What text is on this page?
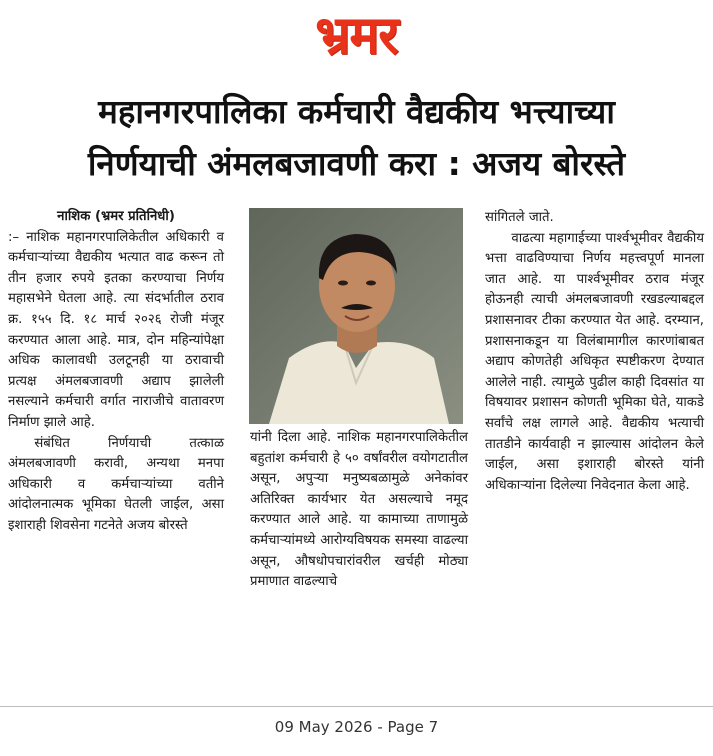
भ्रमर
महानगरपालिका कर्मचारी वैद्यकीय भत्त्याच्या
निर्णयाची अंमलबजावणी करा : अजय बोरस्ते

नाशिक (भ्रमर प्रतिनिधी)

:– नाशिक महानगरपालिकेतील अधिकारी व कर्मचाऱ्यांच्या वैद्यकीय भत्यात वाढ करून तो तीन हजार रुपये इतका करण्याचा निर्णय महासभेने घेतला आहे. त्या संदर्भातील ठराव क्र. १५५ दि. १८ मार्च २०२६ रोजी मंजूर करण्यात आला आहे. मात्र, दोन महिन्यांपेक्षा अधिक कालावधी उलटूनही या ठरावाची प्रत्यक्ष अंमलबजावणी अद्याप झालेली नसल्याने कर्मचारी वर्गात नाराजीचे वातावरण निर्माण झाले आहे.

संबंधित निर्णयाची तत्काळ अंमलबजावणी करावी, अन्यथा मनपा अधिकारी व कर्मचाऱ्यांच्या वतीने आंदोलनात्मक भूमिका घेतली जाईल, असा इशाराही शिवसेना गटनेते अजय बोरस्ते

यांनी दिला आहे. नाशिक महानगरपालिकेतील बहुतांश कर्मचारी हे ५० वर्षांवरील वयोगटातील असून, अपुऱ्या मनुष्यबळामुळे अनेकांवर अतिरिक्त कार्यभार येत असल्याचे नमूद करण्यात आले आहे. या कामाच्या ताणामुळे कर्मचाऱ्यांमध्ये आरोग्यविषयक समस्या वाढल्या असून, औषधोपचारांवरील खर्चही मोठ्या प्रमाणात वाढल्याचे

सांगितले जाते.

वाढत्या महागाईच्या पार्श्वभूमीवर वैद्यकीय भत्ता वाढविण्याचा निर्णय महत्त्वपूर्ण मानला जात आहे. या पार्श्वभूमीवर ठराव मंजूर होऊनही त्याची अंमलबजावणी रखडल्याबद्दल प्रशासनावर टीका करण्यात येत आहे. दरम्यान, प्रशासनाकडून या विलंबामागील कारणांबाबत अद्याप कोणतेही अधिकृत स्पष्टीकरण देण्यात आलेले नाही. त्यामुळे पुढील काही दिवसांत या विषयावर प्रशासन कोणती भूमिका घेते, याकडे सर्वांचे लक्ष लागले आहे. वैद्यकीय भत्याची तातडीने कार्यवाही न झाल्यास आंदोलन केले जाईल, असा इशाराही बोरस्ते यांनी अधिकाऱ्यांना दिलेल्या निवेदनात केला आहे.

09 May 2026 - Page 7
